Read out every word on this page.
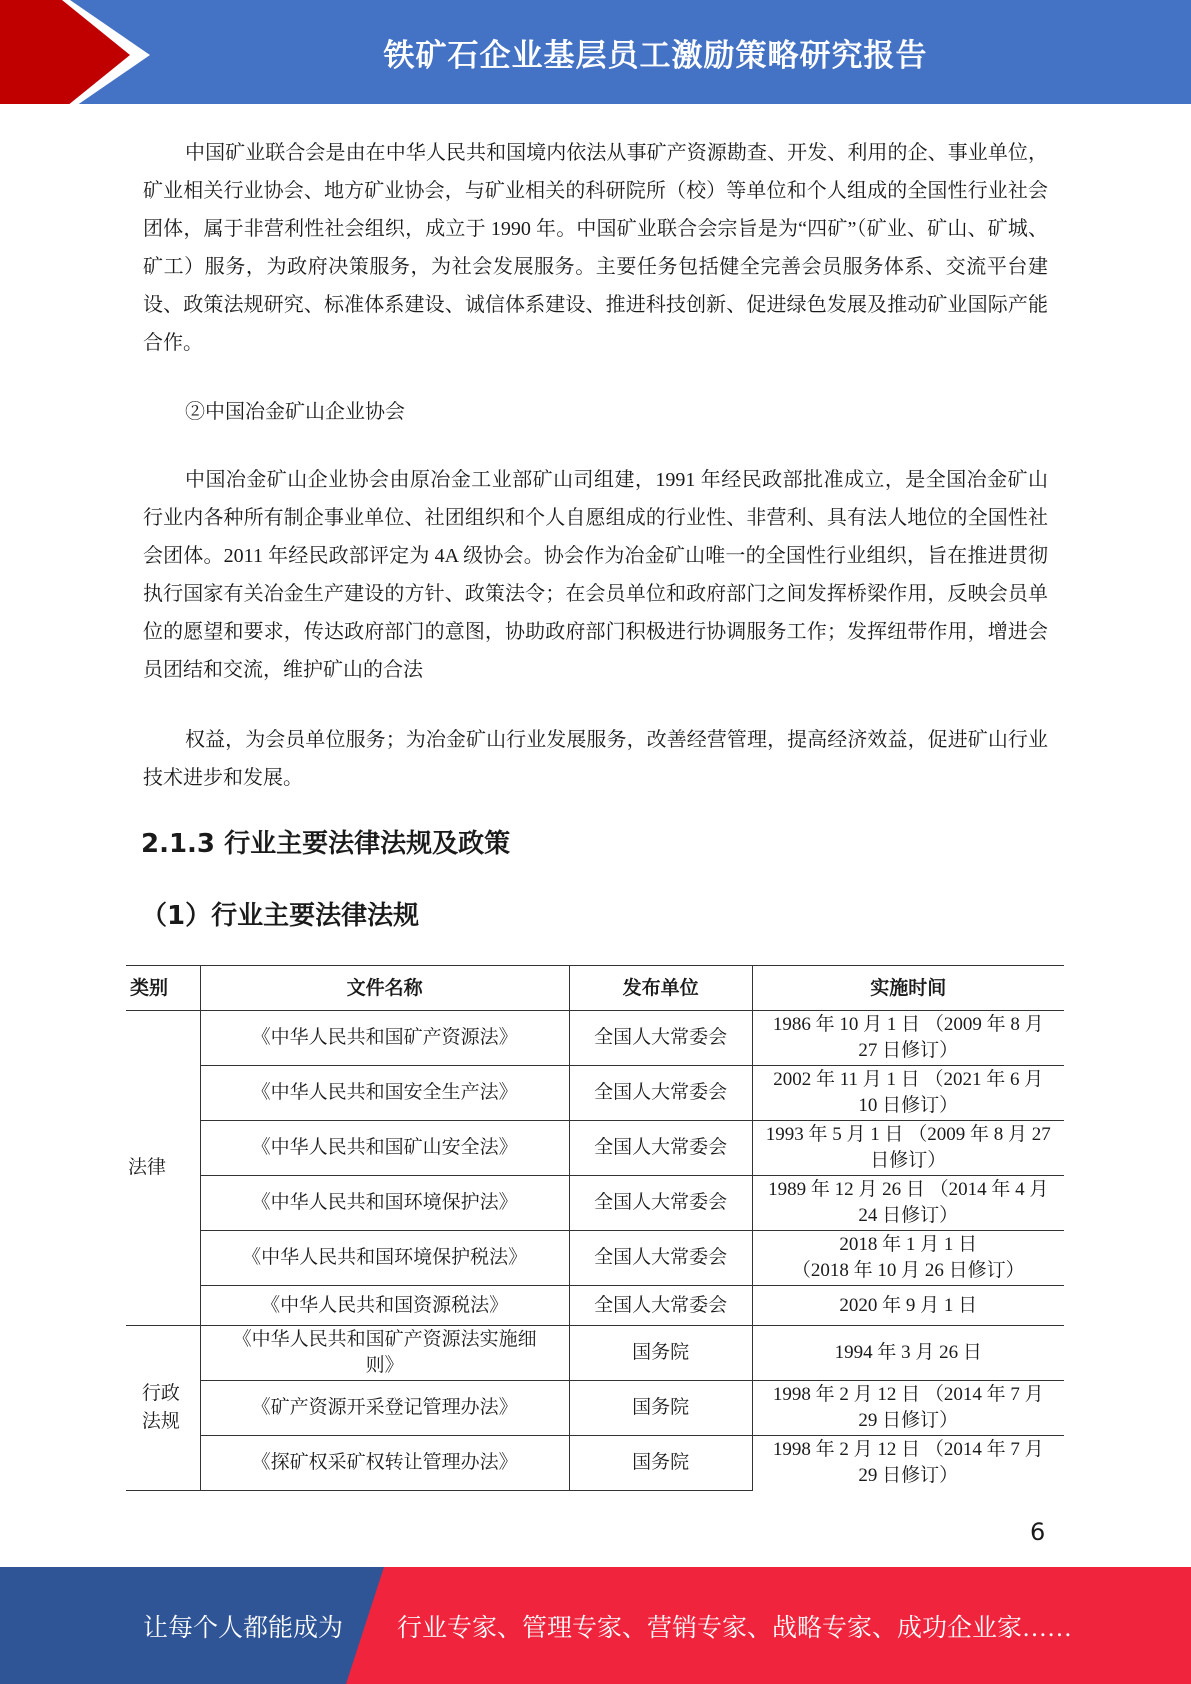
铁矿石企业基层员工激励策略研究报告

中国矿业联合会是由在中华人民共和国境内依法从事矿产资源勘查、开发、利用的企、事业单位，矿业相关行业协会、地方矿业协会，与矿业相关的科研院所（校）等单位和个人组成的全国性行业社会团体，属于非营利性社会组织，成立于 1990 年。中国矿业联合会宗旨是为“四矿”（矿业、矿山、矿城、矿工）服务，为政府决策服务，为社会发展服务。主要任务包括健全完善会员服务体系、交流平台建设、政策法规研究、标准体系建设、诚信体系建设、推进科技创新、促进绿色发展及推动矿业国际产能合作。

②中国冶金矿山企业协会

中国冶金矿山企业协会由原冶金工业部矿山司组建，1991 年经民政部批准成立，是全国冶金矿山行业内各种所有制企事业单位、社团组织和个人自愿组成的行业性、非营利、具有法人地位的全国性社会团体。2011 年经民政部评定为 4A 级协会。协会作为冶金矿山唯一的全国性行业组织，旨在推进贯彻执行国家有关冶金生产建设的方针、政策法令；在会员单位和政府部门之间发挥桥梁作用，反映会员单位的愿望和要求，传达政府部门的意图，协助政府部门积极进行协调服务工作；发挥纽带作用，增进会员团结和交流，维护矿山的合法

权益，为会员单位服务；为冶金矿山行业发展服务，改善经营管理，提高经济效益，促进矿山行业技术进步和发展。

2.1.3 行业主要法律法规及政策
（1）行业主要法律法规
类别	文件名称	发布单位	实施时间
法律	《中华人民共和国矿产资源法》	全国人大常委会	1986 年 10 月 1 日 （2009 年 8 月
27 日修订）
	《中华人民共和国安全生产法》	全国人大常委会	2002 年 11 月 1 日 （2021 年 6 月
10 日修订）
	《中华人民共和国矿山安全法》	全国人大常委会	1993 年 5 月 1 日 （2009 年 8 月 27
日修订）
	《中华人民共和国环境保护法》	全国人大常委会	1989 年 12 月 26 日 （2014 年 4 月
24 日修订）
	《中华人民共和国环境保护税法》	全国人大常委会	2018 年 1 月 1 日
（2018 年 10 月 26 日修订）
	《中华人民共和国资源税法》	全国人大常委会	2020 年 9 月 1 日
行政
法规	《中华人民共和国矿产资源法实施细
则》	国务院	1994 年 3 月 26 日
	《矿产资源开采登记管理办法》	国务院	1998 年 2 月 12 日 （2014 年 7 月
29 日修订）
	《探矿权采矿权转让管理办法》	国务院	1998 年 2 月 12 日 （2014 年 7 月
29 日修订）
6
让每个人都能成为 行业专家、管理专家、营销专家、战略专家、成功企业家……
